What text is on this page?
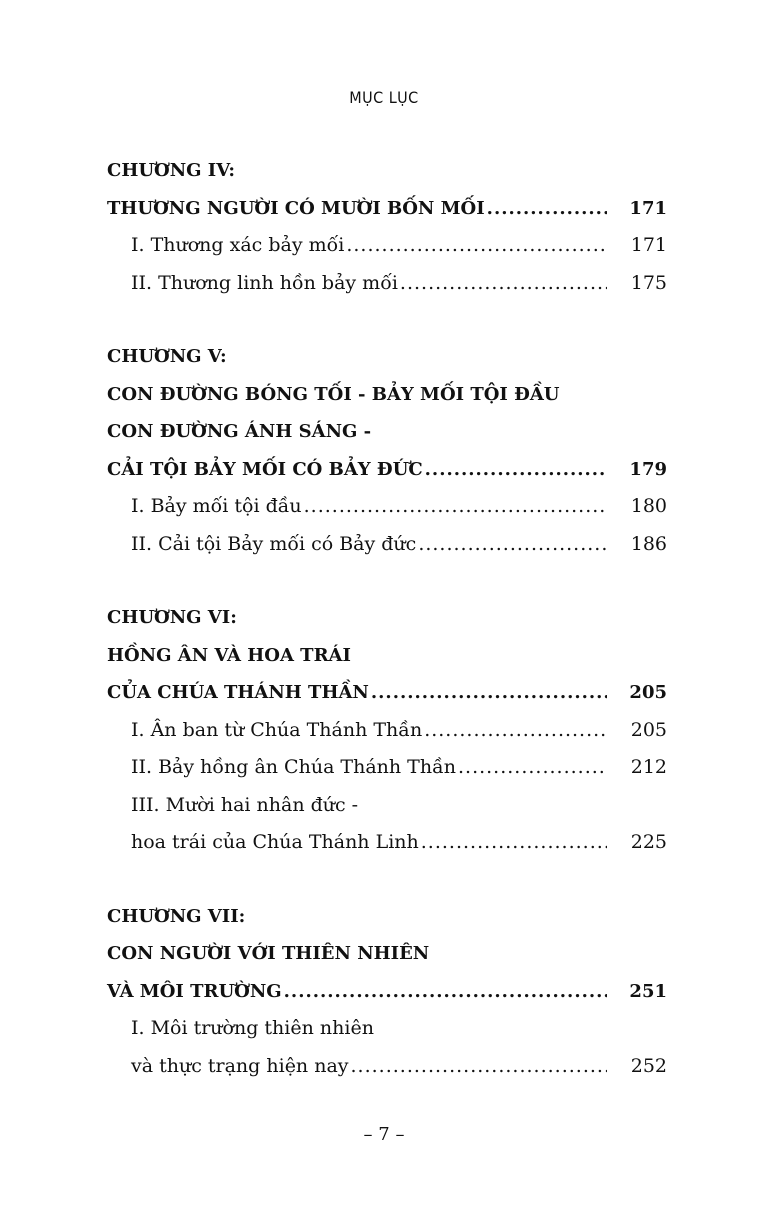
MỤC LỤC
CHƯƠNG IV:
THƯƠNG NGƯỜI CÓ MƯỜI BỐN MỐI .....	171
I. Thương xác bảy mối .....	171
II. Thương linh hồn bảy mối .....	175
CHƯƠNG V:
CON ĐƯỜNG BÓNG TỐI - BẢY MỐI TỘI ĐẦU
CON ĐƯỜNG ÁNH SÁNG -
CẢI TỘI BẢY MỐI CÓ BẢY ĐỨC .....	179
I. Bảy mối tội đầu .....	180
II. Cải tội Bảy mối có Bảy đức .....	186
CHƯƠNG VI:
HỒNG ÂN VÀ HOA TRÁI
CỦA CHÚA THÁNH THẦN .....	205
I. Ân ban từ Chúa Thánh Thần .....	205
II. Bảy hồng ân Chúa Thánh Thần .....	212
III. Mười hai nhân đức -
hoa trái của Chúa Thánh Linh .....	225
CHƯƠNG VII:
CON NGƯỜI VỚI THIÊN NHIÊN
VÀ MÔI TRƯỜNG .....	251
I. Môi trường thiên nhiên
và thực trạng hiện nay .....	252
– 7 –
